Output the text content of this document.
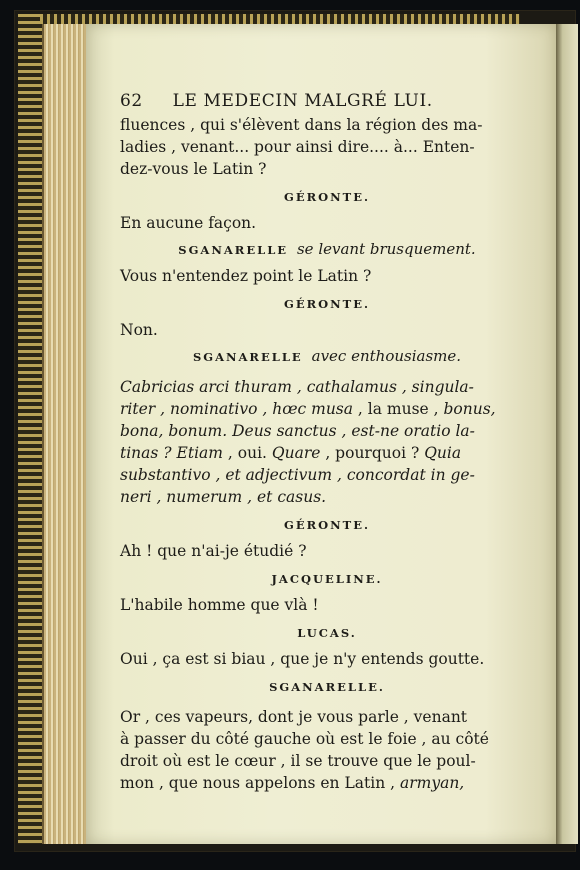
62 LE MEDECIN MALGRÉ LUI.

fluences , qui s'élèvent dans la région des ma-

ladies , venant... pour ainsi dire.... à... Enten-

dez-vous le Latin ?

GÉRONTE.

En aucune façon.

SGANARELLE se levant brusquement.

Vous n'entendez point le Latin ?

GÉRONTE.

Non.

SGANARELLE avec enthousiasme.

Cabricias arci thuram , cathalamus , singula-

riter , nominativo , hœc musa , la muse , bonus,

bona, bonum. Deus sanctus , est-ne oratio la-

tinas ? Etiam , oui. Quare , pourquoi ? Quia

substantivo , et adjectivum , concordat in ge-

neri , numerum , et casus.

GÉRONTE.

Ah ! que n'ai-je étudié ?

JACQUELINE.

L'habile homme que vlà !

LUCAS.

Oui , ça est si biau , que je n'y entends goutte.

SGANARELLE.

Or , ces vapeurs, dont je vous parle , venant

à passer du côté gauche où est le foie , au côté

droit où est le cœur , il se trouve que le poul-

mon , que nous appelons en Latin , armyan,
